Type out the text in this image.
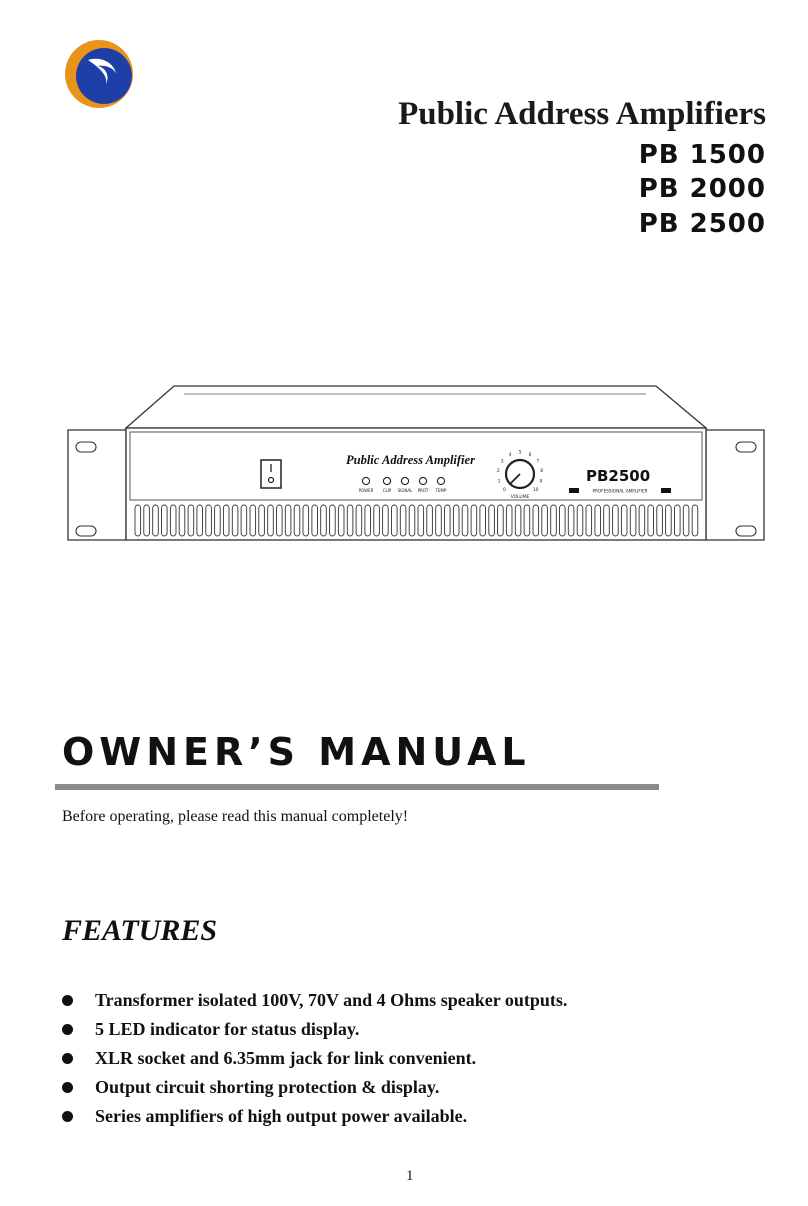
Public Address Amplifiers
PB 1500
PB 2000
PB 2500
Public Address Amplifier
POWER CLIP SIGNAL PROT TEMP	0
1
2
3
4 5 6
7
8
9
10
VOLUME
PB2500
PROFESSIONAL AMPLIFIER
OWNER’S MANUAL
Before operating, please read this manual completely!
FEATURES
Transformer isolated 100V, 70V and 4 Ohms speaker outputs.
5 LED indicator for status display.
XLR socket and 6.35mm jack for link convenient.
Output circuit shorting protection & display.
Series amplifiers of high output power available.
1
